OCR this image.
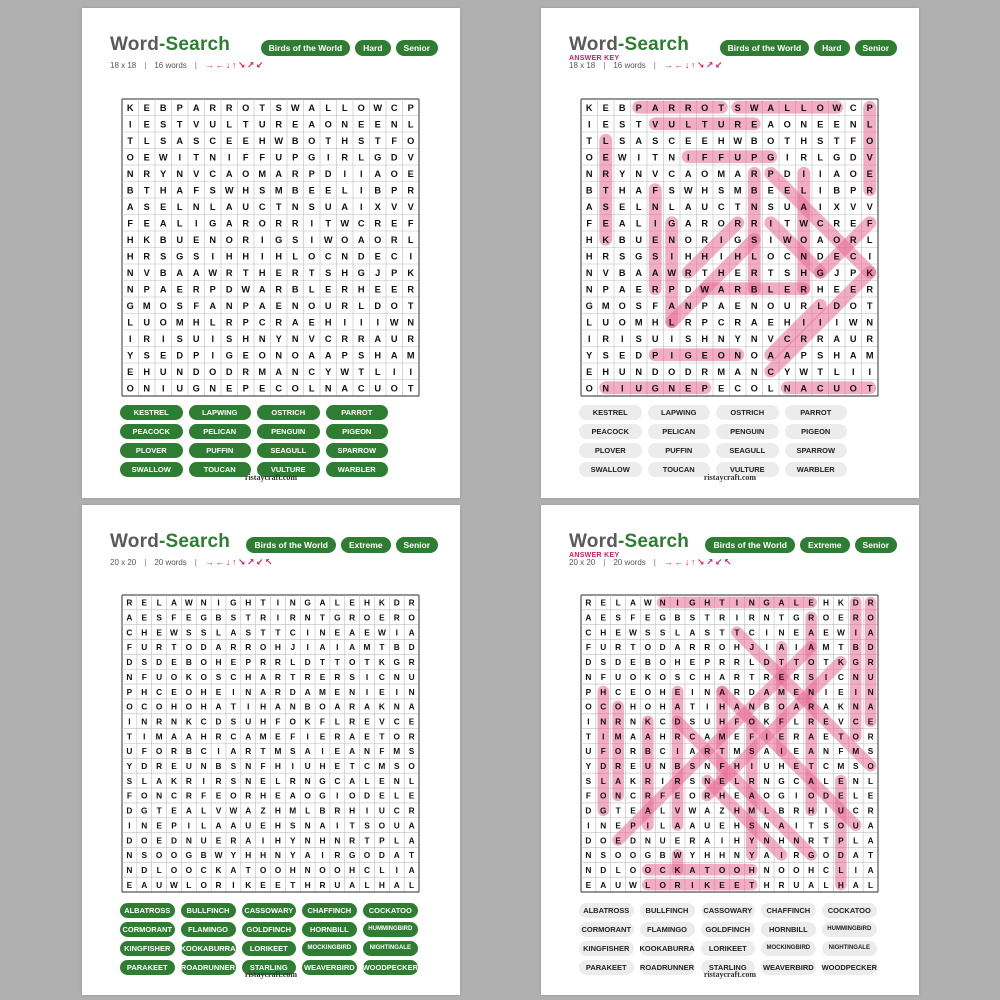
Word-Search	Birds of the World	Hard	Senior
18 x 18 | 16 words | →←↓↑↘↗↙
K E B P A R R O T S W A L L O W C P
I E S T V U L T U R E A O N E E N L
T L S A S C E E H W B O T H S T F O
O E W I T N I F F U P G I R L G D V
N R Y N V C A O M A R P D I I A O E
B T H A F S W H S M B E E L I B P R
A S E L N L A U C T N S U A I X V V
F E A L I G A R O R R I T W C R E F
H K B U E N O R I G S I W O A O R L
H R S G S I H H I H L O C N D E C I
N V B A A W R T H E R T S H G J P K
N P A E R P D W A R B L E R H E E R
G M O S F A N P A E N O U R L D O T
L U O M H L R P C R A E H I I I W N
I R I S U I S H N Y N V C R R A U R
Y S E D P I G E O N O A A P S H A M
E H U N D O D R M A N C Y W T L I I
O N I U G N E P E C O L N A C U O T
KESTREL	LAPWING	OSTRICH	PARROT
PEACOCK	PELICAN	PENGUIN	PIGEON
PLOVER	PUFFIN	SEAGULL	SPARROW
SWALLOW	TOUCAN	VULTURE	WARBLER
ristaycraft.com
Word-Search	Birds of the World	Hard	Senior
ANSWER KEY
18 x 18 | 16 words | →←↓↑↘↗↙
K E B P A R R O T S W A L L O W C P
I E S T V U L T U R E A O N E E N L
T L S A S C E E H W B O T H S T F O
O E W I T N I F F U P G I R L G D V
N R Y N V C A O M A R P D I I A O E
B T H A F S W H S M B E E L I B P R
A S E L N L A U C T N S U A I X V V
F E A L I G A R O R R I T W C R E F
H K B U E N O R I G S I W O A O R L
H R S G S I H H I H L O C N D E C I
N V B A A W R T H E R T S H G J P K
N P A E R P D W A R B L E R H E E R
G M O S F A N P A E N O U R L D O T
L U O M H L R P C R A E H I I I W N
I R I S U I S H N Y N V C R R A U R
Y S E D P I G E O N O A A P S H A M
E H U N D O D R M A N C Y W T L I I
O N I U G N E P E C O L N A C U O T
KESTREL	LAPWING	OSTRICH	PARROT
PEACOCK	PELICAN	PENGUIN	PIGEON
PLOVER	PUFFIN	SEAGULL	SPARROW
SWALLOW	TOUCAN	VULTURE	WARBLER
ristaycraft.com
Word-Search	Birds of the World	Extreme	Senior
20 x 20 | 20 words | →←↓↑↘↗↙↖
R E L A W N I G H T I N G A L E H K D R
A E S F E G B S T R I R N T G R O E R O
C H E W S S L A S T T C I N E A E W I A
F U R T O D A R R O H J I A I A M T B D
D S D E B O H E P R R L D T T O T K G R
N F U O K O S C H A R T R E R S I C N U
P H C E O H E I N A R D A M E N I E I N
O C O H O H A T I H A N B O A R A K N A
I N R N K C D S U H F O K F L R E V C E
T I M A A H R C A M E F I E R A E T O R
U F O R B C I A R T M S A I E A N F M S
Y D R E U N B S N F H I U H E T C M S O
S L A K R I R S N E L R N G C A L E N L
F O N C R F E O R H E A O G I O D E L E
D G T E A L V W A Z H M L B R H I U C R
I N E P I L A A U E H S N A I T S O U A
D O E D N U E R A I H Y N H N R T P L A
N S O O G B W Y H H N Y A I R G O D A T
N D L O O C K A T O O H N O O H C L I A
E A U W L O R I K E E T H R U A L H A L
ALBATROSS	BULLFINCH	CASSOWARY	CHAFFINCH	COCKATOO
CORMORANT	FLAMINGO	GOLDFINCH	HORNBILL	HUMMINGBIRD
KINGFISHER	KOOKABURRA	LORIKEET	MOCKINGBIRD	NIGHTINGALE
PARAKEET	ROADRUNNER	STARLING	WEAVERBIRD WOODPECKER
ristaycraft.com
Word-Search	Birds of the World	Extreme	Senior
ANSWER KEY
20 x 20 | 20 words | →←↓↑↘↗↙↖
R E L A W N I G H T I N G A L E H K D R
A E S F E G B S T R I R N T G R O E R O
C H E W S S L A S T T C I N E A E W I A
F U R T O D A R R O H J I A I A M T B D
D S D E B O H E P R R L D T T O T K G R
N F U O K O S C H A R T R E R S I C N U
P H C E O H E I N A R D A M E N I E I N
O C O H O H A T I H A N B O A R A K N A
I N R N K C D S U H F O K F L R E V C E
T I M A A H R C A M E F I E R A E T O R
U F O R B C I A R T M S A I E A N F M S
Y D R E U N B S N F H I U H E T C M S O
S L A K R I R S N E L R N G C A L E N L
F O N C R F E O R H E A O G I O D E L E
D G T E A L V W A Z H M L B R H I U C R
I N E P I L A A U E H S N A I T S O U A
D O E D N U E R A I H Y N H N R T P L A
N S O O G B W Y H H N Y A I R G O D A T
N D L O O C K A T O O H N O O H C L I A
E A U W L O R I K E E T H R U A L H A L
ALBATROSS	BULLFINCH	CASSOWARY	CHAFFINCH	COCKATOO
CORMORANT	FLAMINGO	GOLDFINCH	HORNBILL	HUMMINGBIRD
KINGFISHER	KOOKABURRA	LORIKEET	MOCKINGBIRD	NIGHTINGALE
PARAKEET	ROADRUNNER	STARLING	WEAVERBIRD WOODPECKER
ristaycraft.com
